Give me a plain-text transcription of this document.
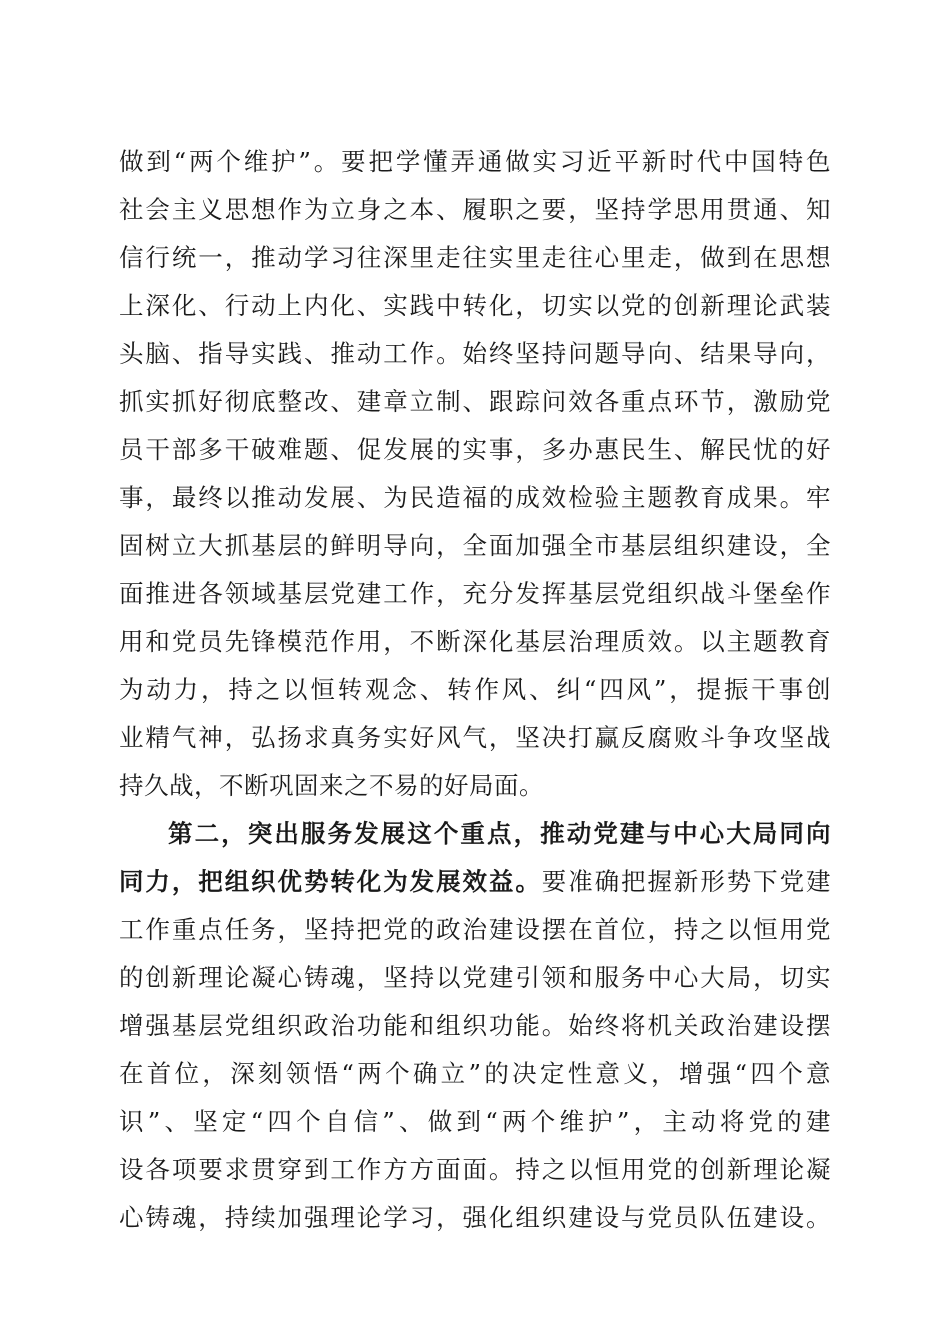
做到“两个维护”。要把学懂弄通做实习近平新时代中国特色
社会主义思想作为立身之本、履职之要，坚持学思用贯通、知
信行统一，推动学习往深里走往实里走往心里走，做到在思想
上深化、行动上内化、实践中转化，切实以党的创新理论武装
头脑、指导实践、推动工作。始终坚持问题导向、结果导向，
抓实抓好彻底整改、建章立制、跟踪问效各重点环节，激励党
员干部多干破难题、促发展的实事，多办惠民生、解民忧的好
事，最终以推动发展、为民造福的成效检验主题教育成果。牢
固树立大抓基层的鲜明导向，全面加强全市基层组织建设，全
面推进各领域基层党建工作，充分发挥基层党组织战斗堡垒作
用和党员先锋模范作用，不断深化基层治理质效。以主题教育
为动力，持之以恒转观念、转作风、纠“四风”，提振干事创
业精气神，弘扬求真务实好风气，坚决打赢反腐败斗争攻坚战
持久战，不断巩固来之不易的好局面。
第二，突出服务发展这个重点，推动党建与中心大局同向
同力，把组织优势转化为发展效益。要准确把握新形势下党建
工作重点任务，坚持把党的政治建设摆在首位，持之以恒用党
的创新理论凝心铸魂，坚持以党建引领和服务中心大局，切实
增强基层党组织政治功能和组织功能。始终将机关政治建设摆
在首位，深刻领悟“两个确立”的决定性意义，增强“四个意
识”、坚定“四个自信”、做到“两个维护”，主动将党的建
设各项要求贯穿到工作方方面面。持之以恒用党的创新理论凝
心铸魂，持续加强理论学习，强化组织建设与党员队伍建设。
